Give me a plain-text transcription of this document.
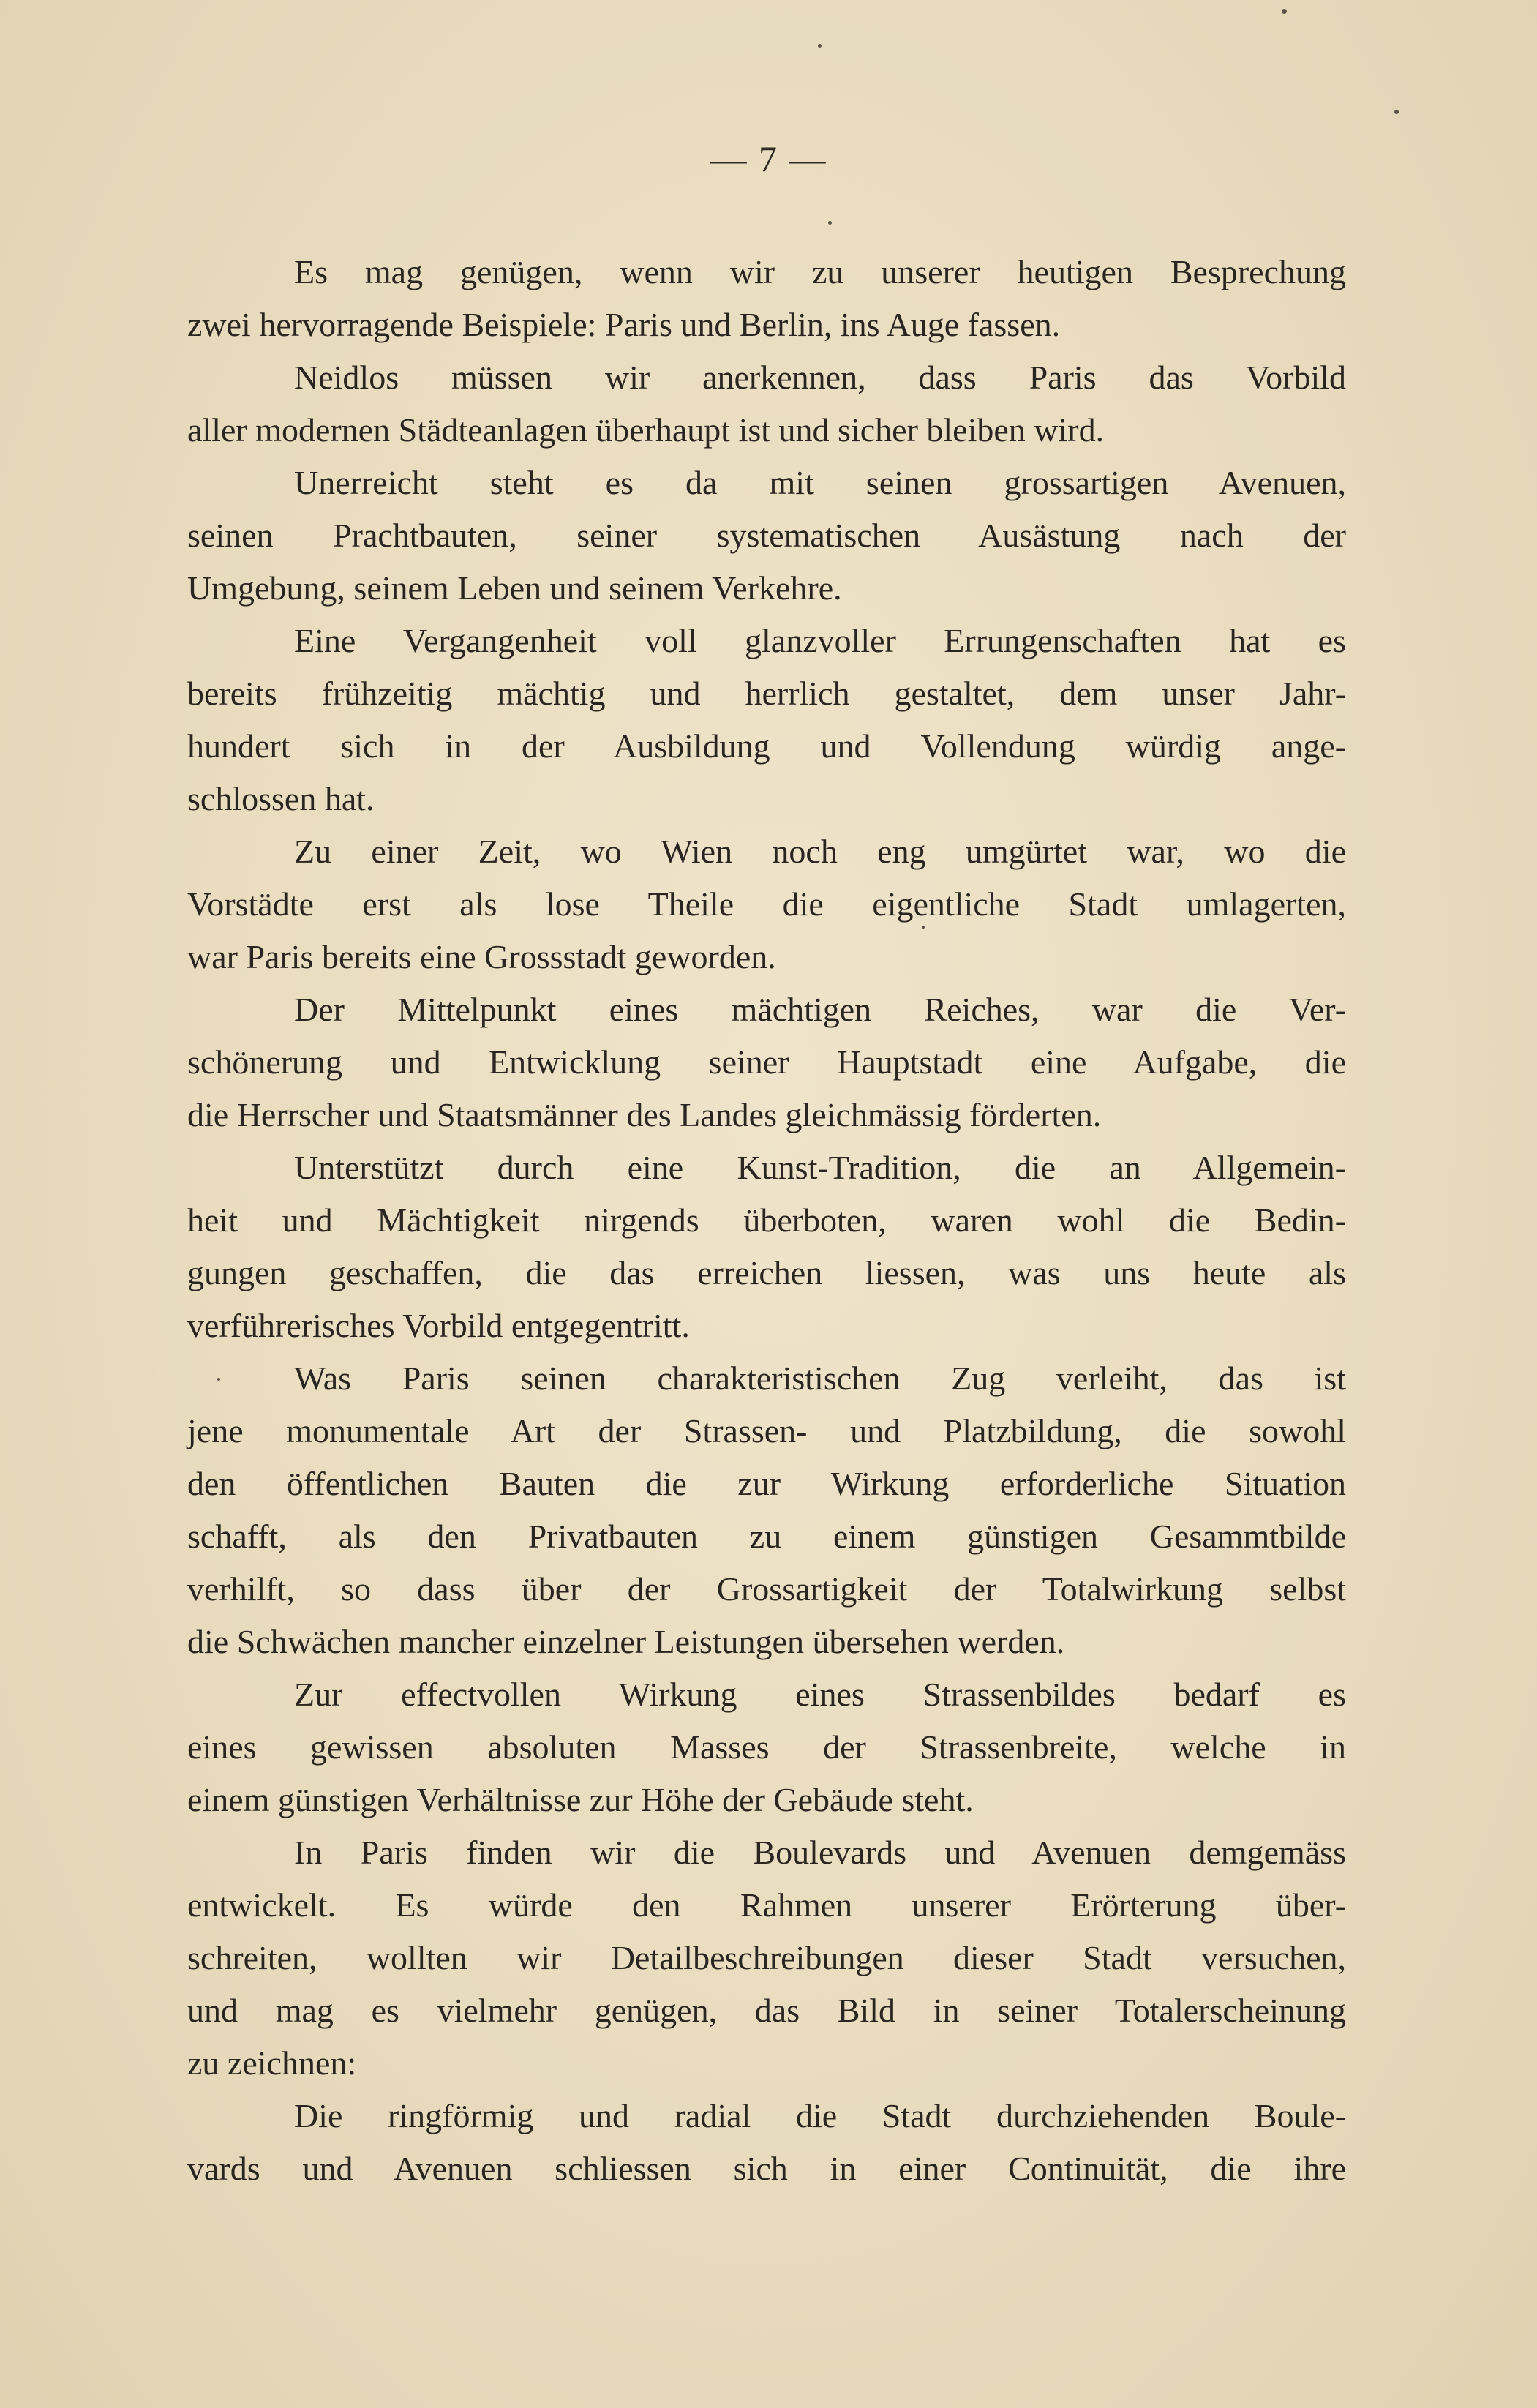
— 7 —
Es mag genügen, wenn wir zu unserer heutigen Besprechung
zwei hervorragende Beispiele: Paris und Berlin, ins Auge fassen.
Neidlos müssen wir anerkennen, dass Paris das Vorbild
aller modernen Städteanlagen überhaupt ist und sicher bleiben wird.
Unerreicht steht es da mit seinen grossartigen Avenuen,
seinen Prachtbauten, seiner systematischen Ausästung nach der
Umgebung, seinem Leben und seinem Verkehre.
Eine Vergangenheit voll glanzvoller Errungenschaften hat es
bereits frühzeitig mächtig und herrlich gestaltet, dem unser Jahr-
hundert sich in der Ausbildung und Vollendung würdig ange-
schlossen hat.
Zu einer Zeit, wo Wien noch eng umgürtet war, wo die
Vorstädte erst als lose Theile die eigentliche Stadt umlagerten,
war Paris bereits eine Grossstadt geworden.
Der Mittelpunkt eines mächtigen Reiches, war die Ver-
schönerung und Entwicklung seiner Hauptstadt eine Aufgabe, die
die Herrscher und Staatsmänner des Landes gleichmässig förderten.
Unterstützt durch eine Kunst-Tradition, die an Allgemein-
heit und Mächtigkeit nirgends überboten, waren wohl die Bedin-
gungen geschaffen, die das erreichen liessen, was uns heute als
verführerisches Vorbild entgegentritt.
Was Paris seinen charakteristischen Zug verleiht, das ist
jene monumentale Art der Strassen- und Platzbildung, die sowohl
den öffentlichen Bauten die zur Wirkung erforderliche Situation
schafft, als den Privatbauten zu einem günstigen Gesammtbilde
verhilft, so dass über der Grossartigkeit der Totalwirkung selbst
die Schwächen mancher einzelner Leistungen übersehen werden.
Zur effectvollen Wirkung eines Strassenbildes bedarf es
eines gewissen absoluten Masses der Strassenbreite, welche in
einem günstigen Verhältnisse zur Höhe der Gebäude steht.
In Paris finden wir die Boulevards und Avenuen demgemäss
entwickelt. Es würde den Rahmen unserer Erörterung über-
schreiten, wollten wir Detailbeschreibungen dieser Stadt versuchen,
und mag es vielmehr genügen, das Bild in seiner Totalerscheinung
zu zeichnen:
Die ringförmig und radial die Stadt durchziehenden Boule-
vards und Avenuen schliessen sich in einer Continuität, die ihre
